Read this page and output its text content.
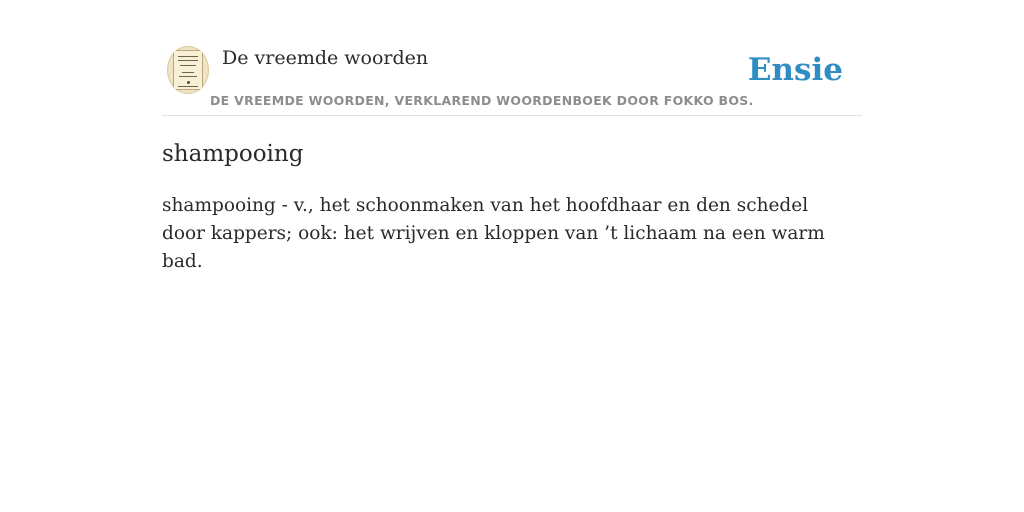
De vreemde woorden
DE VREEMDE WOORDEN, VERKLAREND WOORDENBOEK DOOR FOKKO BOS.
Ensie
shampooing

shampooing - v., het schoonmaken van het hoofdhaar en den schedel door kappers; ook: het wrijven en kloppen van ’t lichaam na een warm bad.
